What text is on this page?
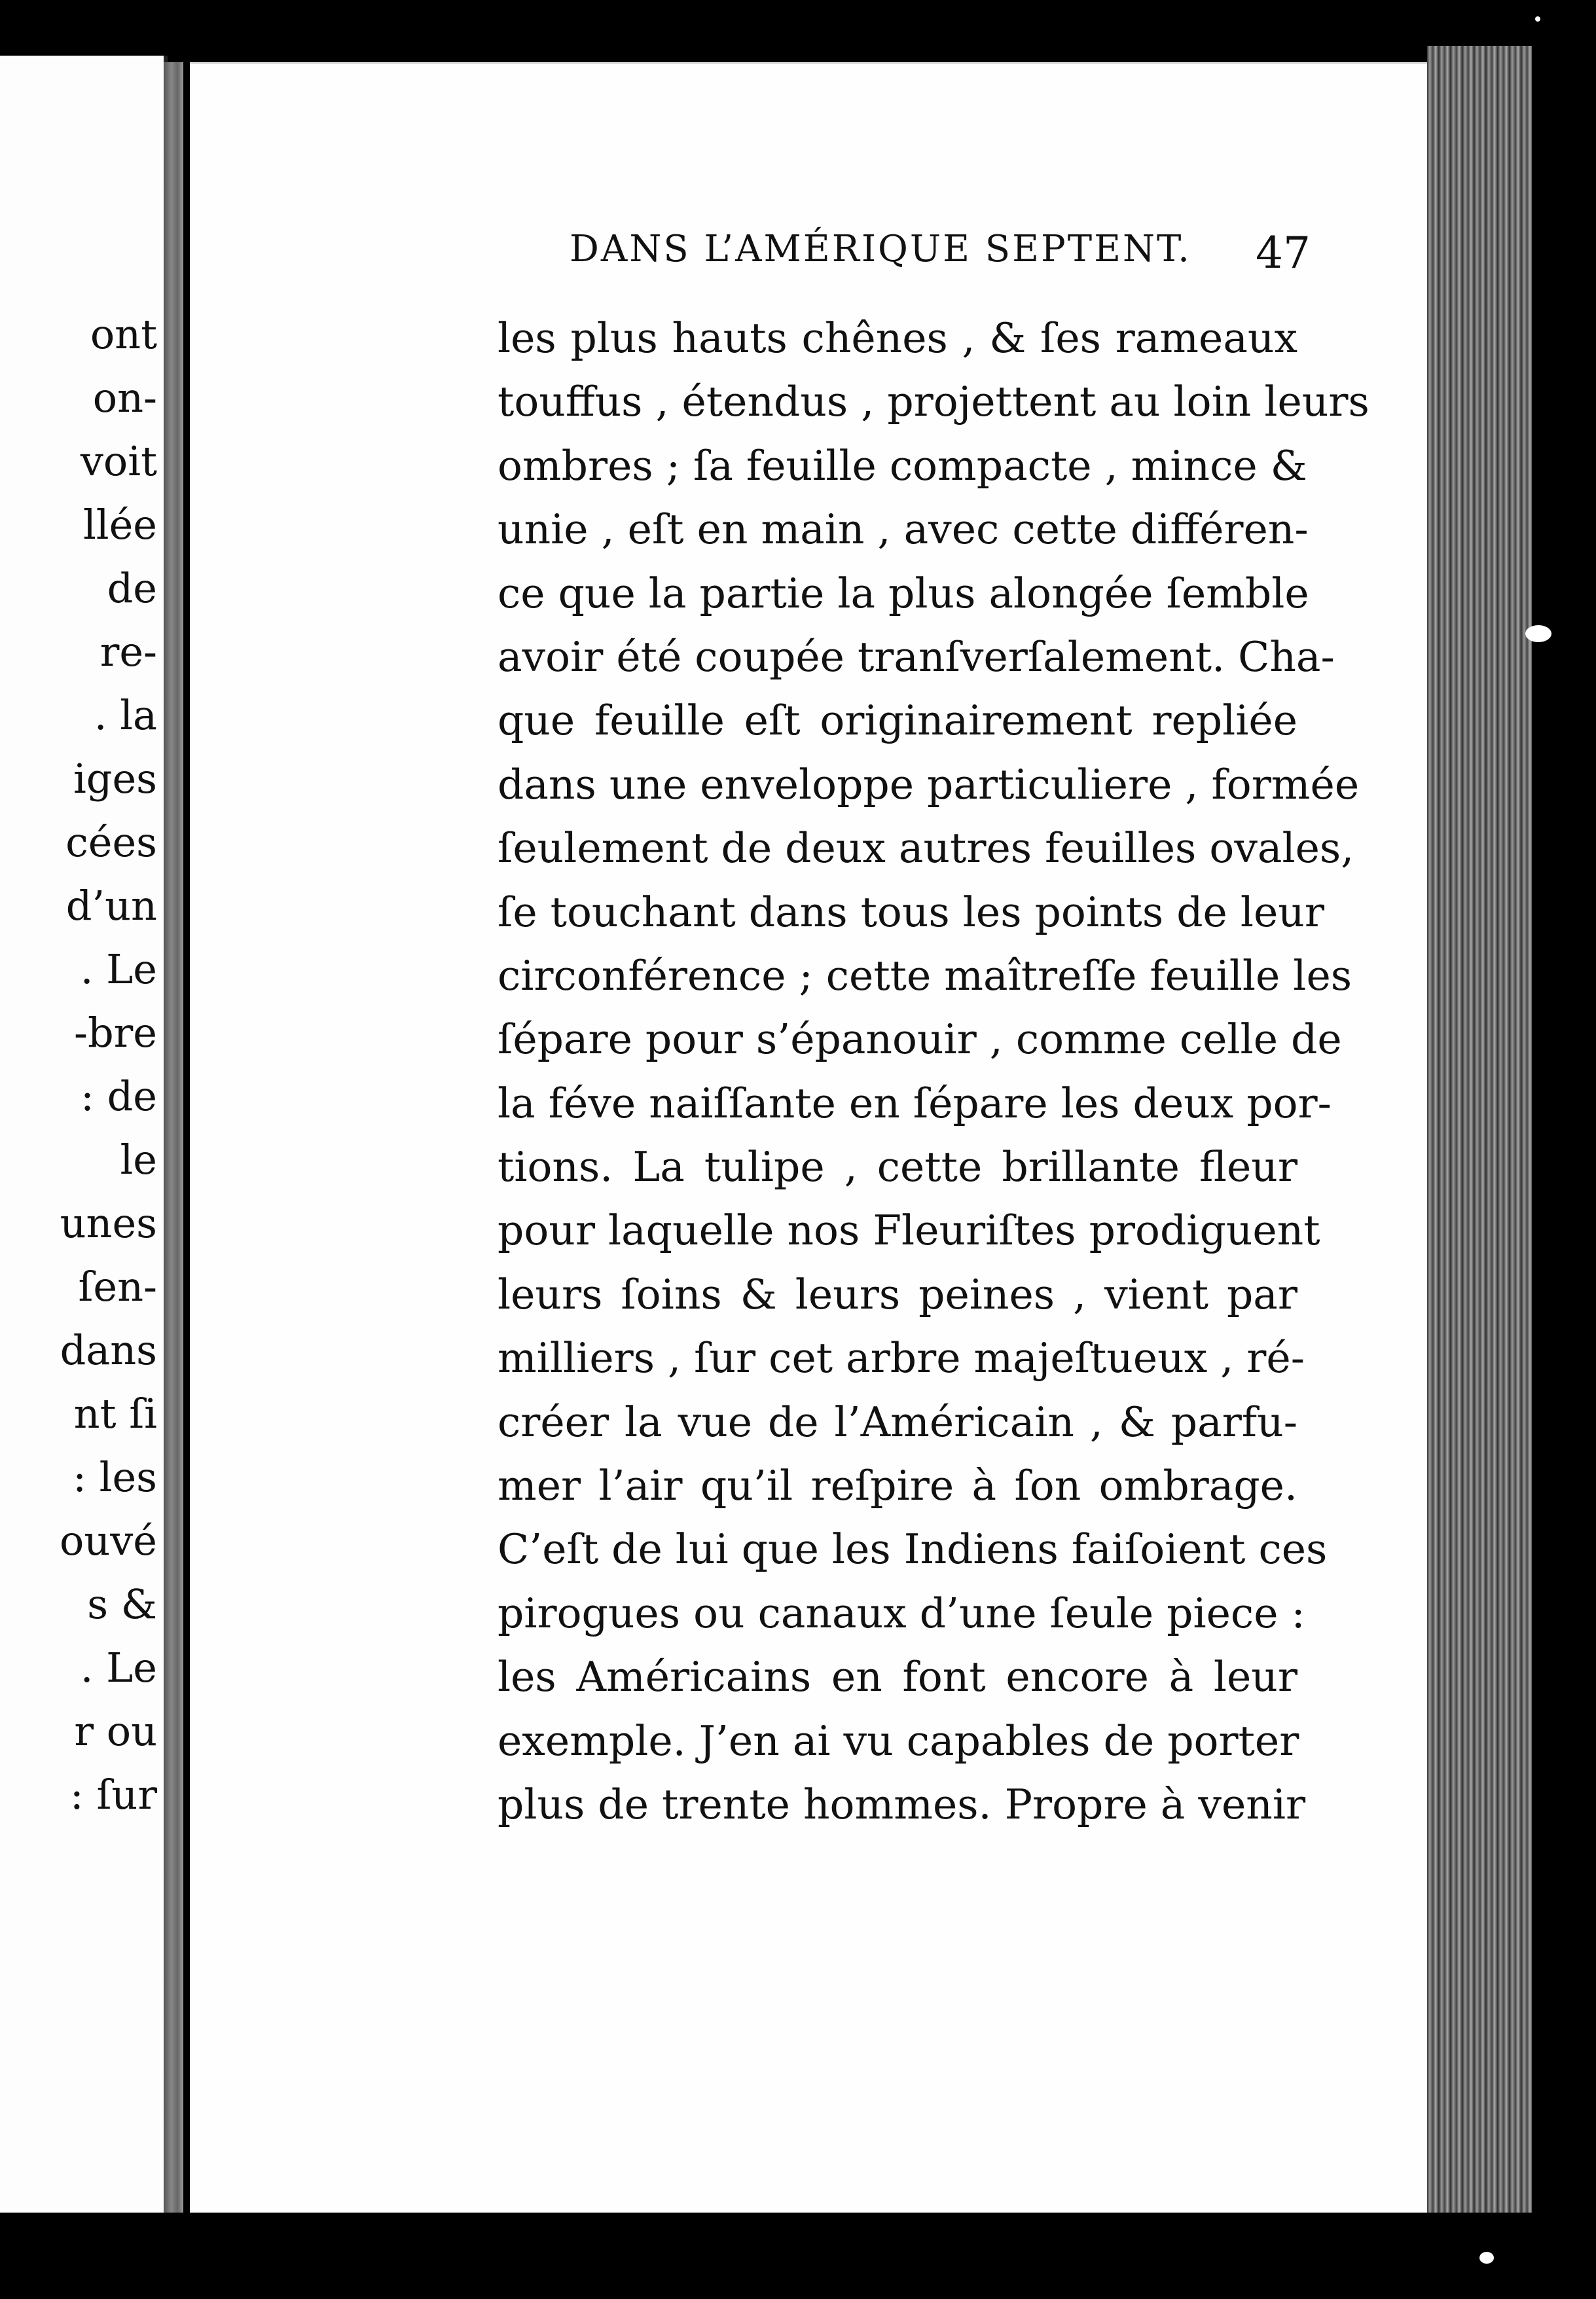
ont
on-
voit
llée
de
re-
. la
iges
cées
d’un
. Le
-bre
: de
le
unes
ſen-
dans
nt ſi
: les
ouvé
s &
. Le
r ou
: ſur
DANS L’AMÉRIQUE SEPTENT. 47
les plus hauts chênes , & ſes rameaux
touffus , étendus , projettent au loin leurs
ombres ; ſa feuille compacte , mince &
unie , eſt en main , avec cette différen-
ce que la partie la plus alongée ſemble
avoir été coupée tranſverſalement. Cha-
que feuille eſt originairement repliée
dans une enveloppe particuliere , formée
ſeulement de deux autres feuilles ovales,
ſe touchant dans tous les points de leur
circonférence ; cette maîtreſſe feuille les
ſépare pour s’épanouir , comme celle de
la féve naiſſante en ſépare les deux por-
tions. La tulipe , cette brillante fleur
pour laquelle nos Fleuriſtes prodiguent
leurs ſoins & leurs peines , vient par
milliers , ſur cet arbre majeſtueux , ré-
créer la vue de l’Américain , & parfu-
mer l’air qu’il reſpire à ſon ombrage.
C’eſt de lui que les Indiens faiſoient ces
pirogues ou canaux d’une ſeule piece :
les Américains en font encore à leur
exemple. J’en ai vu capables de porter
plus de trente hommes. Propre à venir
